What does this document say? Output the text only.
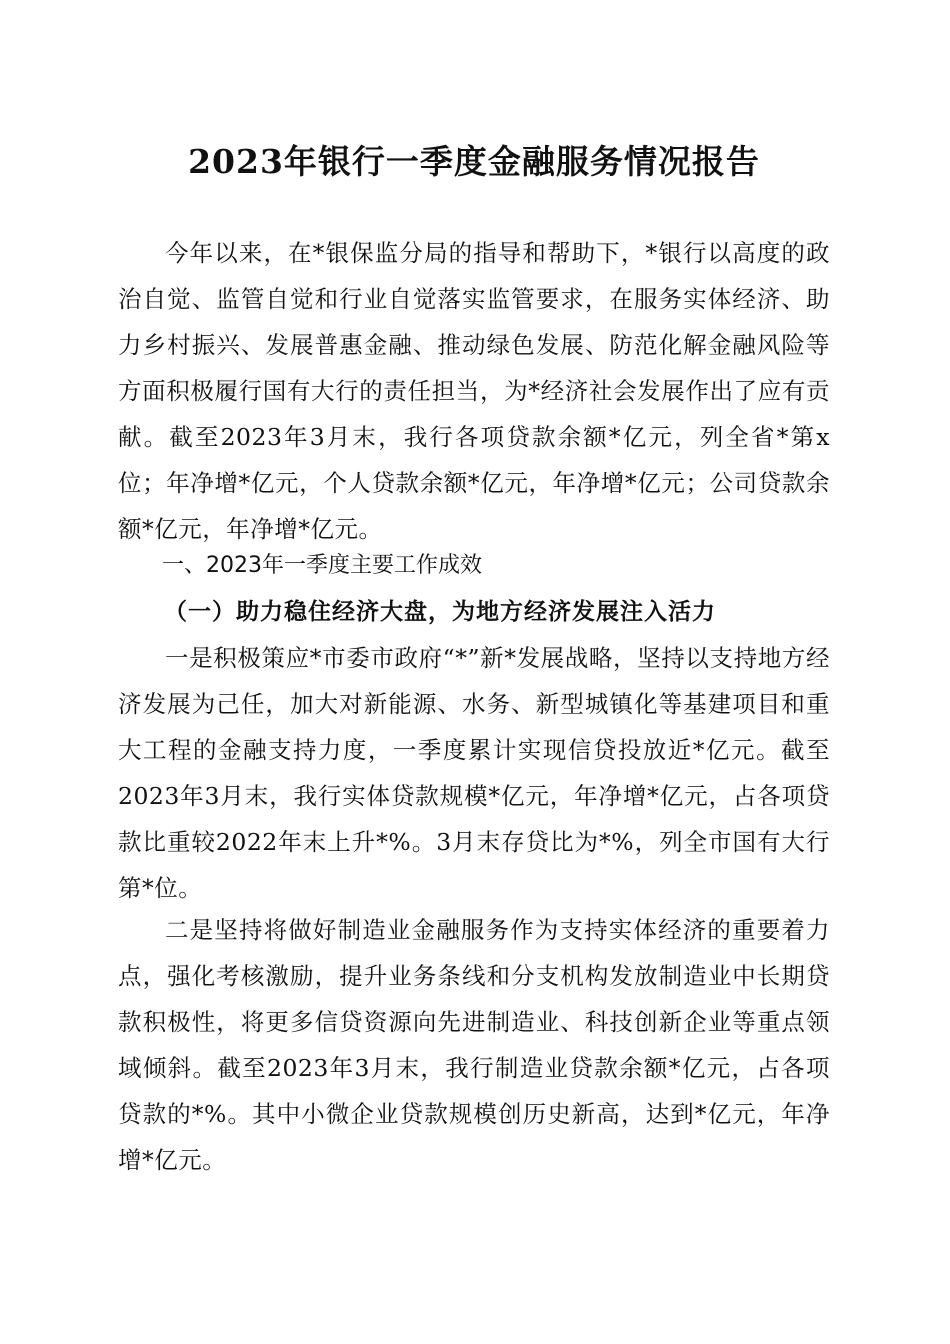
2023年银行一季度金融服务情况报告

今年以来，在*银保监分局的指导和帮助下，*银行以高度的政治自觉、监管自觉和行业自觉落实监管要求，在服务实体经济、助力乡村振兴、发展普惠金融、推动绿色发展、防范化解金融风险等方面积极履行国有大行的责任担当，为*经济社会发展作出了应有贡献。截至2023年3月末，我行各项贷款余额*亿元，列全省*第x位；年净增*亿元，个人贷款余额*亿元，年净增*亿元；公司贷款余额*亿元，年净增*亿元。

一、2023年一季度主要工作成效
（一）助力稳住经济大盘，为地方经济发展注入活力

一是积极策应*市委市政府“*”新*发展战略，坚持以支持地方经济发展为己任，加大对新能源、水务、新型城镇化等基建项目和重大工程的金融支持力度，一季度累计实现信贷投放近*亿元。截至2023年3月末，我行实体贷款规模*亿元，年净增*亿元，占各项贷款比重较2022年末上升*%。3月末存贷比为*%，列全市国有大行第*位。

二是坚持将做好制造业金融服务作为支持实体经济的重要着力点，强化考核激励，提升业务条线和分支机构发放制造业中长期贷款积极性，将更多信贷资源向先进制造业、科技创新企业等重点领域倾斜。截至2023年3月末，我行制造业贷款余额*亿元，占各项贷款的*%。其中小微企业贷款规模创历史新高，达到*亿元，年净增*亿元。
